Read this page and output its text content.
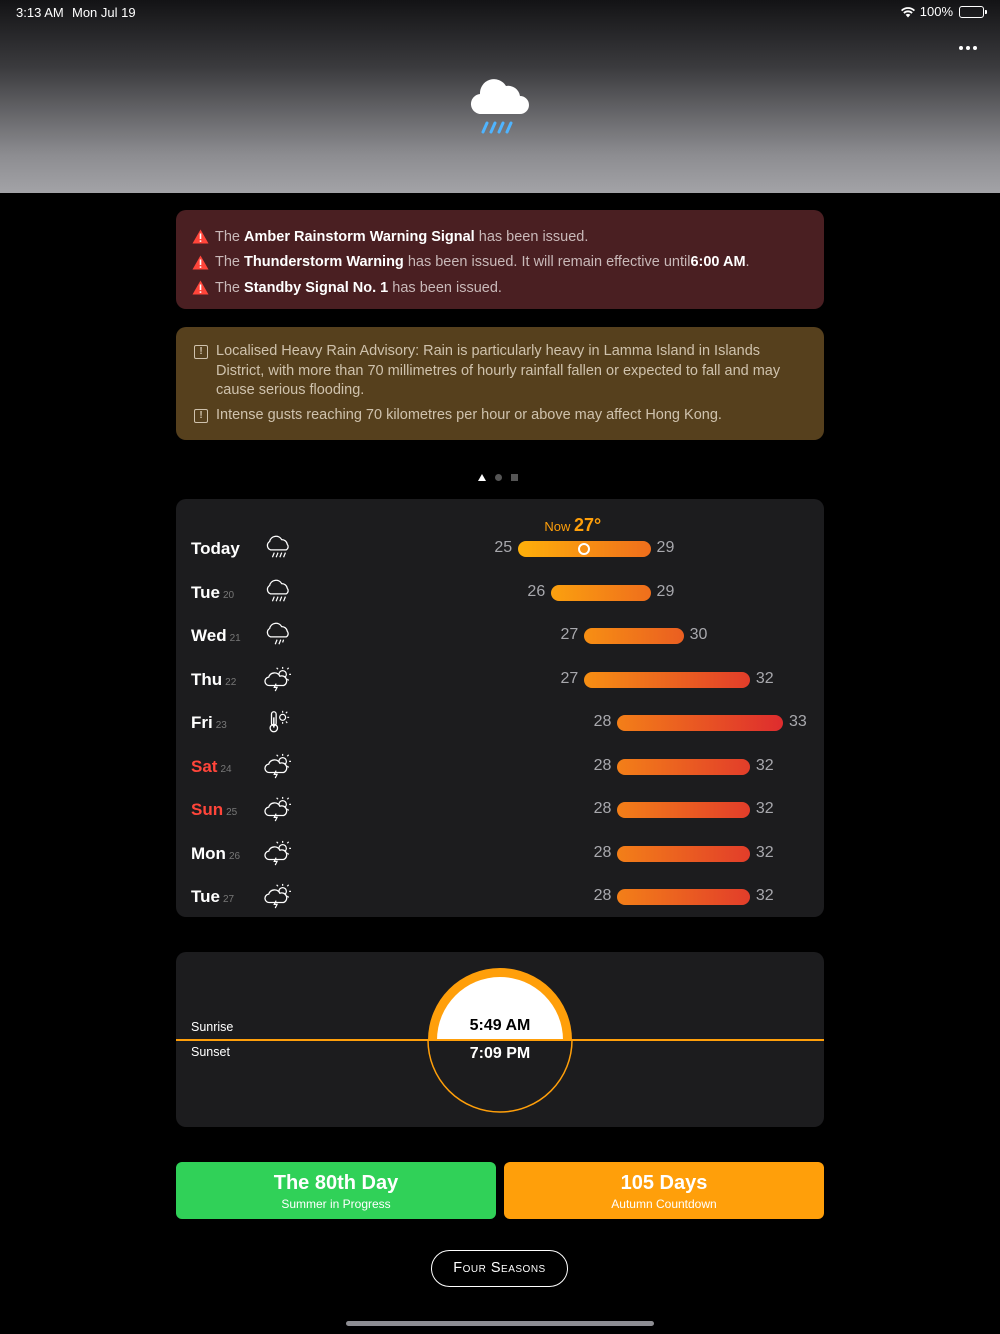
3:13 AM Mon Jul 19	100%
The
Amber Rainstorm Warning Signal
has been issued.
The
Thunderstorm Warning
has been issued. It will remain effective until 6:00 AM .
The
Standby Signal No. 1
has been issued.
! Localised Heavy Rain Advisory: Rain is particularly heavy in Lamma Island in Islands District, with more than 70 millimetres of hourly rainfall fallen or expected to fall and may cause serious flooding.
! Intense gusts reaching 70 kilometres per hour or above may affect Hong Kong.
Now 27°
Today	25	29
Tue 20	26	29
Wed 21	27	30
Thu 22	27	32
Fri 23	28	33
Sat 24	28	32
Sun 25	28	32
Mon 26	28	32
Tue 27	28	32
Sunrise
Sunset
5:49 AM
7:09 PM
The 80th Day
Summer in Progress
105 Days
Autumn Countdown
Four Seasons
